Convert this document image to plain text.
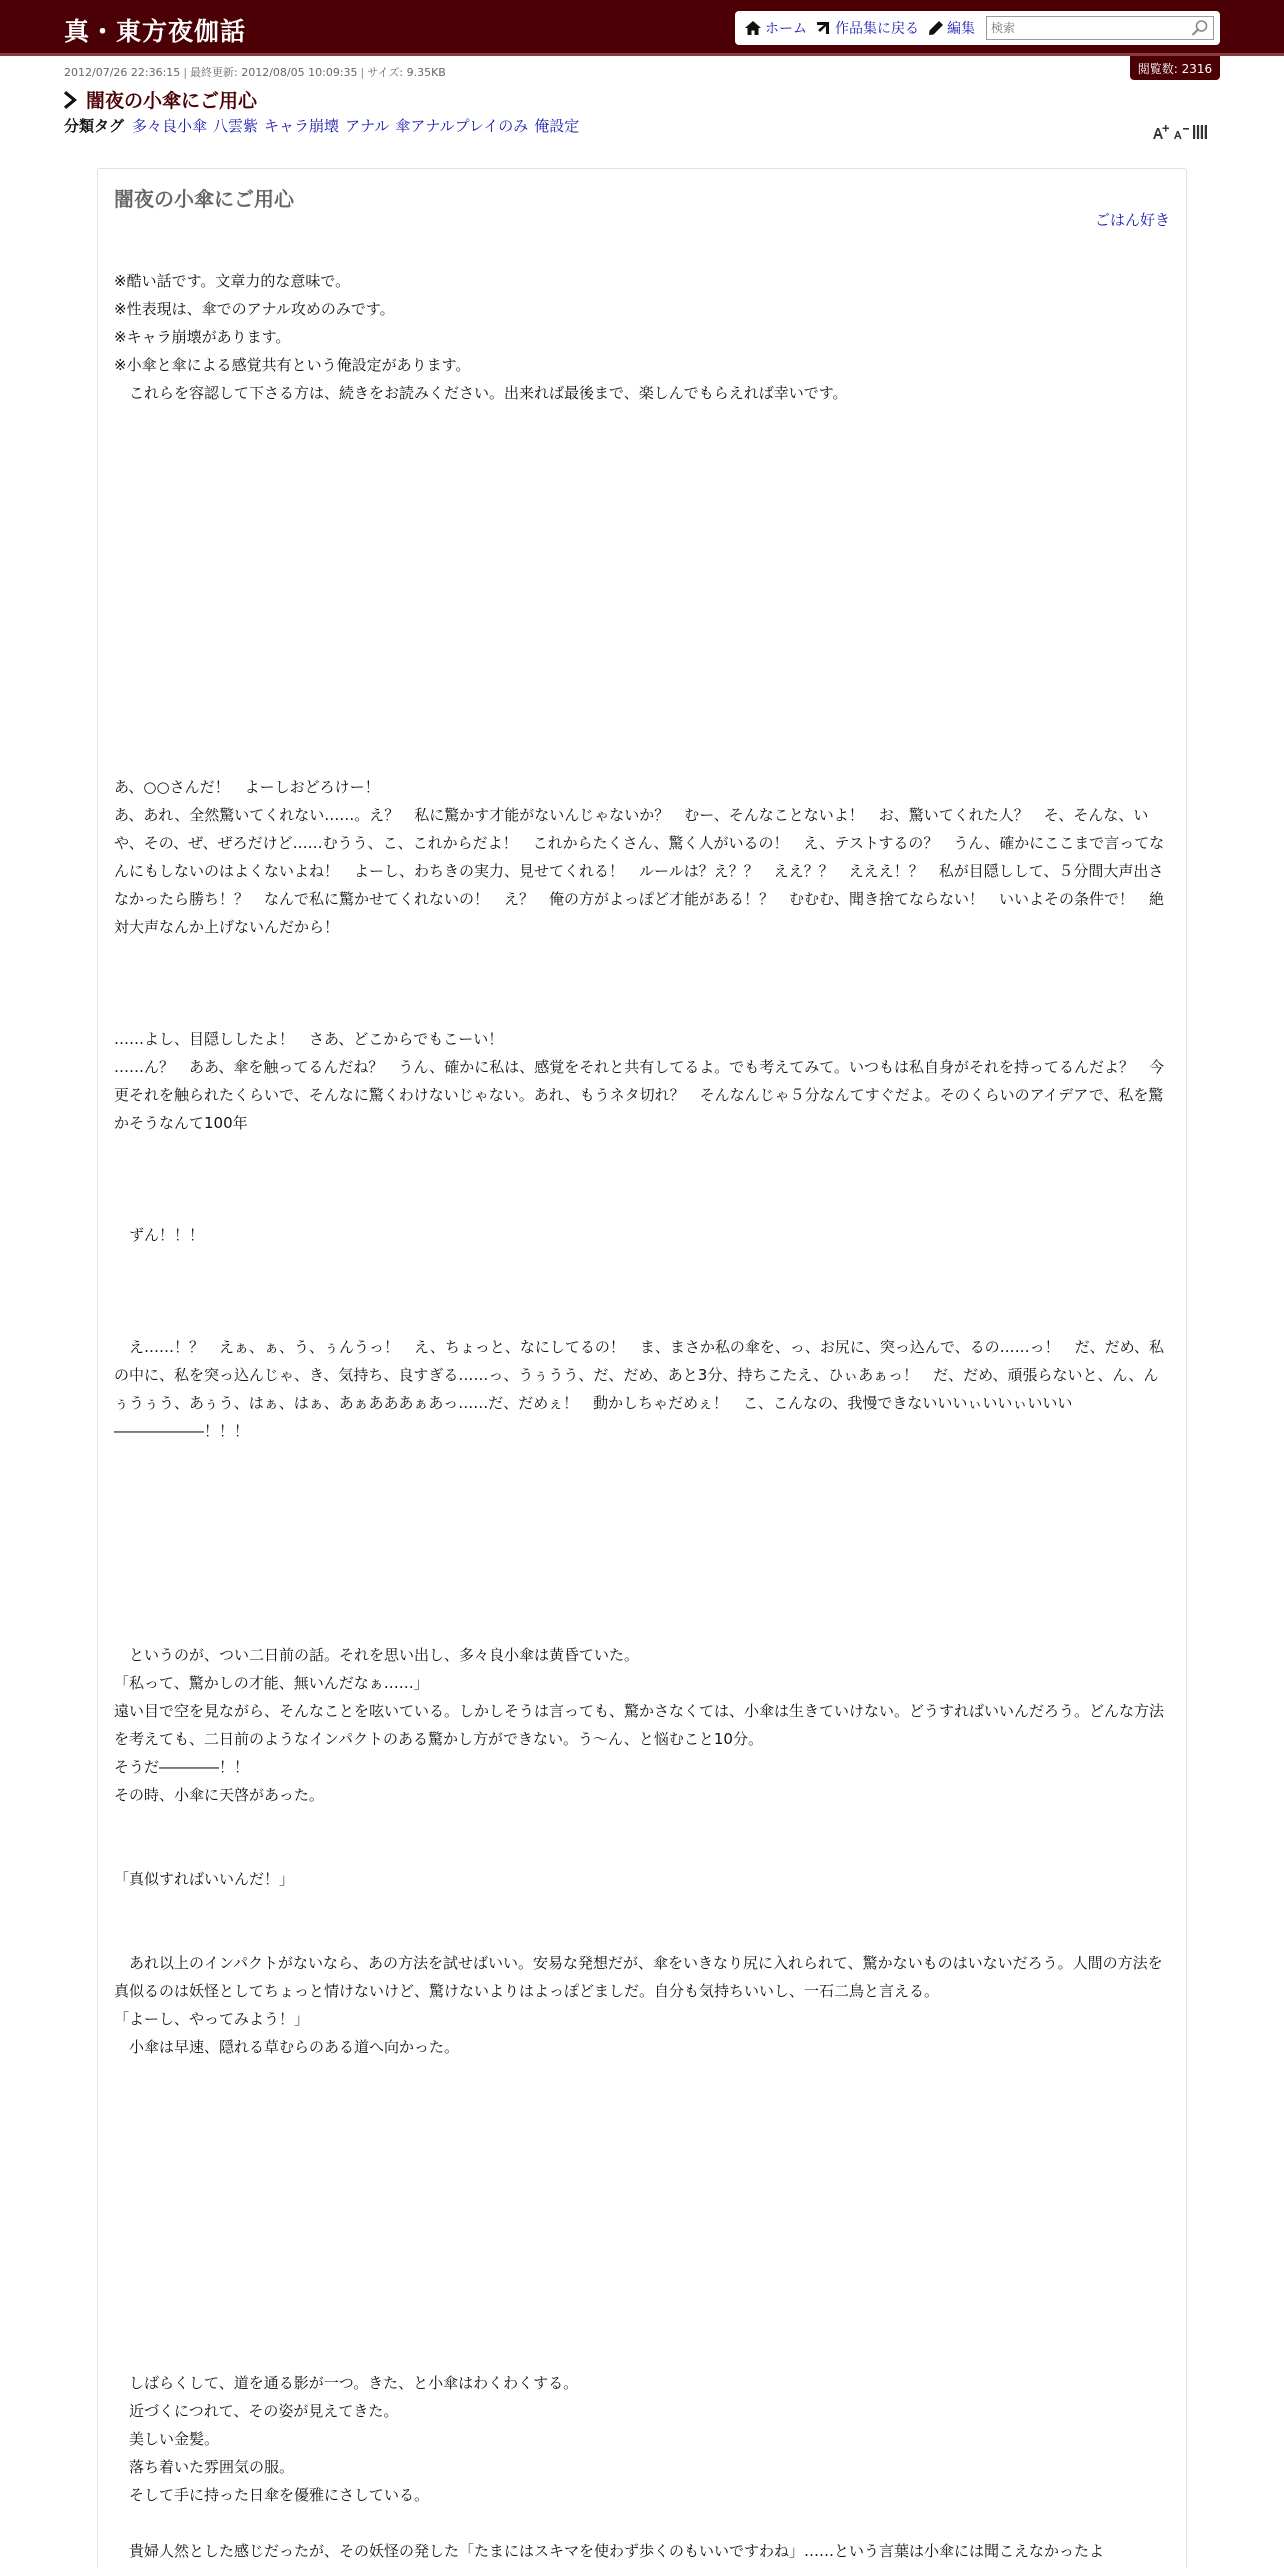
真・東方夜伽話	ホーム 作品集に戻る 編集
検索
閲覧数: 2316
2012/07/26 22:36:15 | 最終更新: 2012/08/05 10:09:35 | サイズ: 9.35KB
闇夜の小傘にご用心
分類タグ 多々良小傘 八雲紫 キャラ崩壊 アナル 傘アナルプレイのみ 俺設定
闇夜の小傘にご用心
ごはん好き

※酷い話です。文章力的な意味で。

※性表現は、傘でのアナル攻めのみです。

※キャラ崩壊があります。

※小傘と傘による感覚共有という俺設定があります。

　これらを容認して下さる方は、続きをお読みください。出来れば最後まで、楽しんでもらえれば幸いです。

あ、○○さんだ！　よーしおどろけー！

あ、あれ、全然驚いてくれない……。え？　私に驚かす才能がないんじゃないか？　むー、そんなことないよ！　お、驚いてくれた人？　そ、そんな、いや、その、ぜ、ぜろだけど……むうう、こ、これからだよ！　これからたくさん、驚く人がいるの！　え、テストするの？　うん、確かにここまで言ってなんにもしないのはよくないよね！　よーし、わちきの実力、見せてくれる！　ルールは？え？？　ええ？？　えええ！？　私が目隠しして、５分間大声出さなかったら勝ち！？　なんで私に驚かせてくれないの！　え？　俺の方がよっぽど才能がある！？　むむむ、聞き捨てならない！　いいよその条件で！　絶対大声なんか上げないんだから！

……よし、目隠ししたよ！　さあ、どこからでもこーい！

……ん？　ああ、傘を触ってるんだね？　うん、確かに私は、感覚をそれと共有してるよ。でも考えてみて。いつもは私自身がそれを持ってるんだよ？　今更それを触られたくらいで、そんなに驚くわけないじゃない。あれ、もうネタ切れ？　そんなんじゃ５分なんてすぐだよ。そのくらいのアイデアで、私を驚かそうなんて100年

　ずん！！！

　え……！？　えぁ、ぁ、う、ぅんうっ！　え、ちょっと、なにしてるの！　ま、まさか私の傘を、っ、お尻に、突っ込んで、るの……っ！　だ、だめ、私の中に、私を突っ込んじゃ、き、気持ち、良すぎる……っ、うぅうう、だ、だめ、あと3分、持ちこたえ、ひぃあぁっ！　だ、だめ、頑張らないと、ん、んぅうぅう、あぅう、はぁ、はぁ、あぁあああぁあっ……だ、だめぇ！　動かしちゃだめぇ！　こ、こんなの、我慢できないいいぃいいぃいいい――――――！！！

　というのが、つい二日前の話。それを思い出し、多々良小傘は黄昏ていた。

「私って、驚かしの才能、無いんだなぁ……」

遠い目で空を見ながら、そんなことを呟いている。しかしそうは言っても、驚かさなくては、小傘は生きていけない。どうすればいいんだろう。どんな方法を考えても、二日前のようなインパクトのある驚かし方ができない。う～ん、と悩むこと10分。

そうだ――――！！

その時、小傘に天啓があった。

「真似すればいいんだ！」

　あれ以上のインパクトがないなら、あの方法を試せばいい。安易な発想だが、傘をいきなり尻に入れられて、驚かないものはいないだろう。人間の方法を真似るのは妖怪としてちょっと情けないけど、驚けないよりはよっぽどましだ。自分も気持ちいいし、一石二鳥と言える。

「よーし、やってみよう！」

　小傘は早速、隠れる草むらのある道へ向かった。

　しばらくして、道を通る影が一つ。きた、と小傘はわくわくする。

　近づくにつれて、その姿が見えてきた。

　美しい金髪。

　落ち着いた雰囲気の服。

　そして手に持った日傘を優雅にさしている。

　貴婦人然とした感じだったが、その妖怪の発した「たまにはスキマを使わず歩くのもいいですわね」……という言葉は小傘には聞こえなかったよ
